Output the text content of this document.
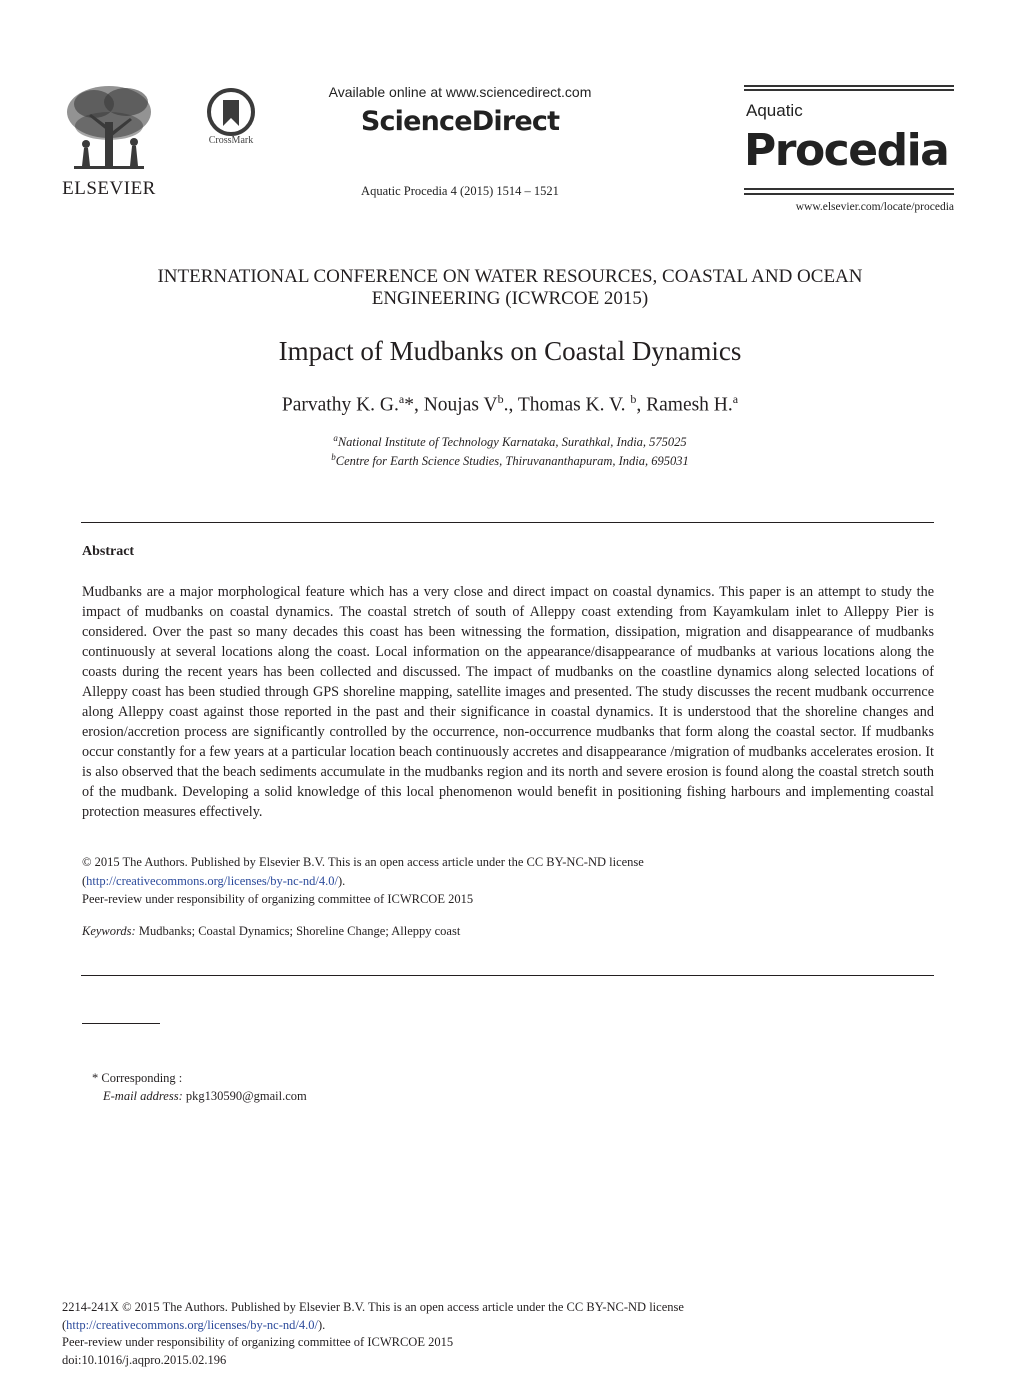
ELSEVIER
CrossMark
Available online at www.sciencedirect.com
ScienceDirect
Aquatic Procedia 4 (2015) 1514 – 1521
Aquatic
Procedia
www.elsevier.com/locate/procedia
INTERNATIONAL CONFERENCE ON WATER RESOURCES, COASTAL AND OCEAN
ENGINEERING (ICWRCOE 2015)
Impact of Mudbanks on Coastal Dynamics
Parvathy K. G.$^a$*, Noujas $V^b$., Thomas K. V. $^b$, Ramesh H.$^a$
$^a$National Institute of Technology Karnataka, Surathkal, India, 575025
$^b$Centre for Earth Science Studies, Thiruvananthapuram, India, 695031
Abstract
Mudbanks are a major morphological feature which has a very close and direct impact on coastal dynamics. This paper is an attempt to study the impact of mudbanks on coastal dynamics. The coastal stretch of south of Alleppy coast extending from Kayamkulam inlet to Alleppy Pier is considered. Over the past so many decades this coast has been witnessing the formation, dissipation, migration and disappearance of mudbanks continuously at several locations along the coast. Local information on the appearance/disappearance of mudbanks at various locations along the coasts during the recent years has been collected and discussed. The impact of mudbanks on the coastline dynamics along selected locations of Alleppy coast has been studied through GPS shoreline mapping, satellite images and presented. The study discusses the recent mudbank occurrence along Alleppy coast against those reported in the past and their significance in coastal dynamics. It is understood that the shoreline changes and erosion/accretion process are significantly controlled by the occurrence, non-occurrence mudbanks that form along the coastal sector. If mudbanks occur constantly for a few years at a particular location beach continuously accretes and disappearance /migration of mudbanks accelerates erosion. It is also observed that the beach sediments accumulate in the mudbanks region and its north and severe erosion is found along the coastal stretch south of the mudbank. Developing a solid knowledge of this local phenomenon would benefit in positioning fishing harbours and implementing coastal protection measures effectively.
© 2015 The Authors. Published by Elsevier B.V. This is an open access article under the CC BY-NC-ND license
(http://creativecommons.org/licenses/by-nc-nd/4.0/).
Peer-review under responsibility of organizing committee of ICWRCOE 2015
Keywords: Mudbanks; Coastal Dynamics; Shoreline Change; Alleppy coast
* Corresponding :
E-mail address: pkg130590@gmail.com
2214-241X © 2015 The Authors. Published by Elsevier B.V. This is an open access article under the CC BY-NC-ND license
(http://creativecommons.org/licenses/by-nc-nd/4.0/).
Peer-review under responsibility of organizing committee of ICWRCOE 2015
doi:10.1016/j.aqpro.2015.02.196
